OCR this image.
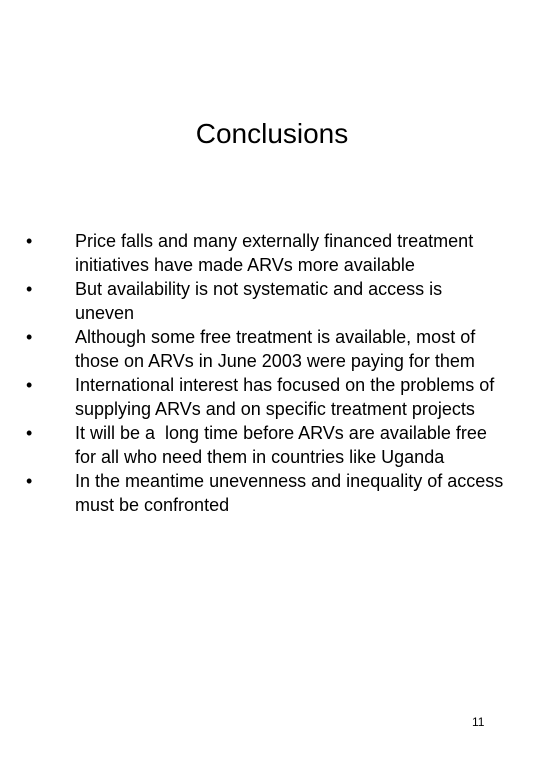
Conclusions
•	Price falls and many externally financed treatment initiatives have made ARVs more available
•	But availability is not systematic and access is uneven
•	Although some free treatment is available, most of those on ARVs in June 2003 were paying for them
•	International interest has focused on the problems of supplying ARVs and on specific treatment projects
•	It will be a  long time before ARVs are available free for all who need them in countries like Uganda
•	In the meantime unevenness and inequality of access must be confronted
11
